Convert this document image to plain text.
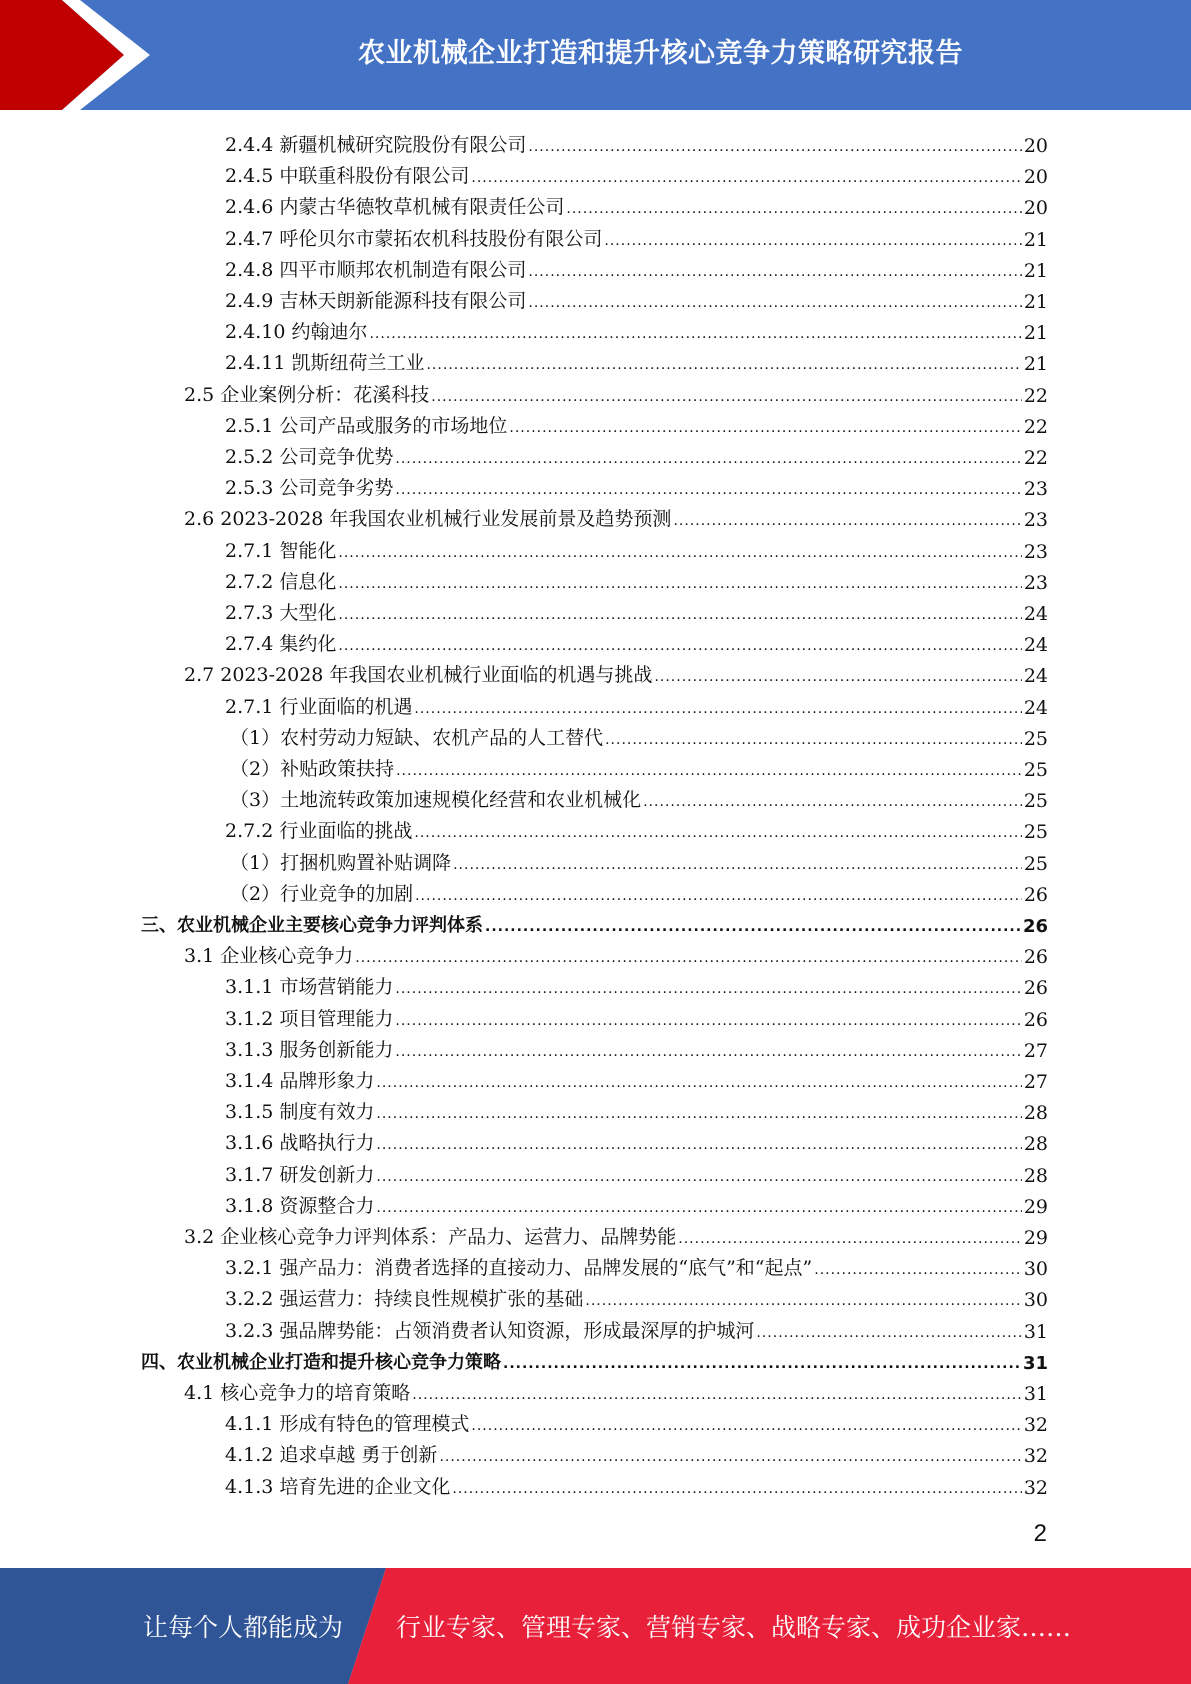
农业机械企业打造和提升核心竞争力策略研究报告
2.4.4 新疆机械研究院股份有限公司 .....	20
2.4.5 中联重科股份有限公司 .....	20
2.4.6 内蒙古华德牧草机械有限责任公司 .....	20
2.4.7 呼伦贝尔市蒙拓农机科技股份有限公司 .....	21
2.4.8 四平市顺邦农机制造有限公司 .....	21
2.4.9 吉林天朗新能源科技有限公司 .....	21
2.4.10 约翰迪尔 .....	21
2.4.11 凯斯纽荷兰工业 .....	21
2.5 企业案例分析：花溪科技 .....	22
2.5.1 公司产品或服务的市场地位 .....	22
2.5.2 公司竞争优势 .....	22
2.5.3 公司竞争劣势 .....	23
2.6 2023-2028 年我国农业机械行业发展前景及趋势预测 .....	23
2.7.1 智能化 .....	23
2.7.2 信息化 .....	23
2.7.3 大型化 .....	24
2.7.4 集约化 .....	24
2.7 2023-2028 年我国农业机械行业面临的机遇与挑战 .....	24
2.7.1 行业面临的机遇 .....	24
（1）农村劳动力短缺、农机产品的人工替代 .....	25
（2）补贴政策扶持 .....	25
（3）土地流转政策加速规模化经营和农业机械化 .....	25
2.7.2 行业面临的挑战 .....	25
（1）打捆机购置补贴调降 .....	25
（2）行业竞争的加剧 .....	26
三、农业机械企业主要核心竞争力评判体系 .....	26
3.1 企业核心竞争力 .....	26
3.1.1 市场营销能力 .....	26
3.1.2 项目管理能力 .....	26
3.1.3 服务创新能力 .....	27
3.1.4 品牌形象力 .....	27
3.1.5 制度有效力 .....	28
3.1.6 战略执行力 .....	28
3.1.7 研发创新力 .....	28
3.1.8 资源整合力 .....	29
3.2 企业核心竞争力评判体系：产品力、运营力、品牌势能 .....	29
3.2.1 强产品力：消费者选择的直接动力、品牌发展的“底气”和“起点” .....	30
3.2.2 强运营力：持续良性规模扩张的基础 .....	30
3.2.3 强品牌势能：占领消费者认知资源，形成最深厚的护城河 .....	31
四、农业机械企业打造和提升核心竞争力策略 .....	31
4.1 核心竞争力的培育策略 .....	31
4.1.1 形成有特色的管理模式 .....	32
4.1.2 追求卓越 勇于创新 .....	32
4.1.3 培育先进的企业文化 .....	32
2
让每个人都能成为 行业专家、管理专家、营销专家、战略专家、成功企业家……
